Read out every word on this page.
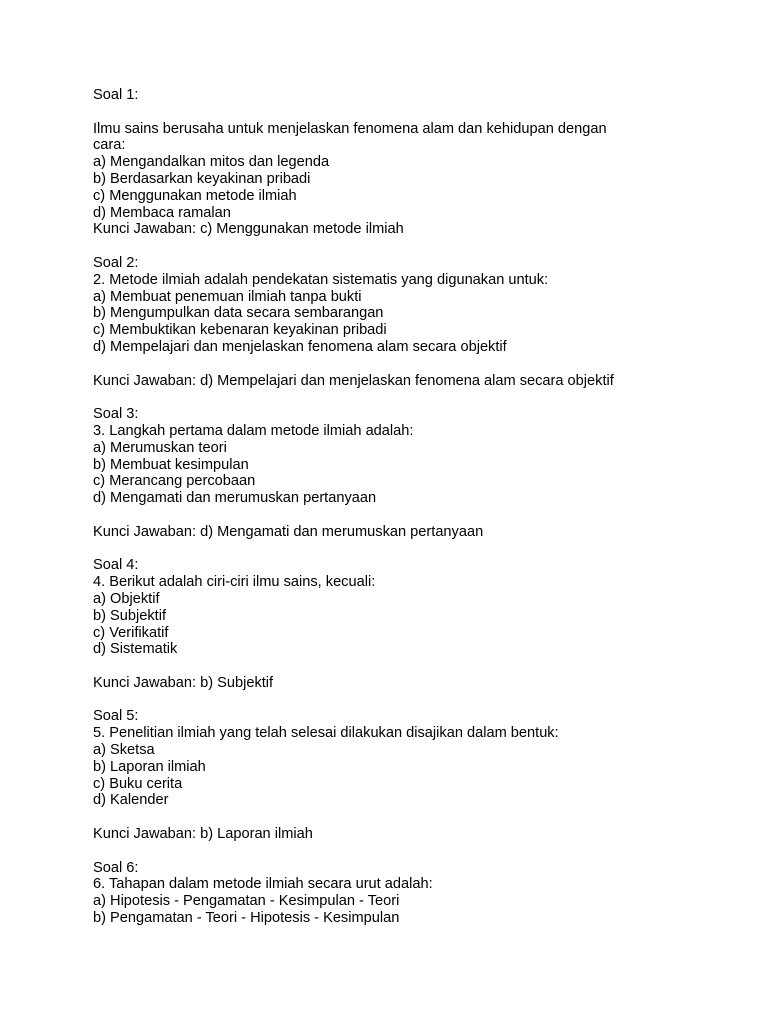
Soal 1:
Ilmu sains berusaha untuk menjelaskan fenomena alam dan kehidupan dengan
cara:
a) Mengandalkan mitos dan legenda
b) Berdasarkan keyakinan pribadi
c) Menggunakan metode ilmiah
d) Membaca ramalan
Kunci Jawaban: c) Menggunakan metode ilmiah
Soal 2:
2. Metode ilmiah adalah pendekatan sistematis yang digunakan untuk:
a) Membuat penemuan ilmiah tanpa bukti
b) Mengumpulkan data secara sembarangan
c) Membuktikan kebenaran keyakinan pribadi
d) Mempelajari dan menjelaskan fenomena alam secara objektif
Kunci Jawaban: d) Mempelajari dan menjelaskan fenomena alam secara objektif
Soal 3:
3. Langkah pertama dalam metode ilmiah adalah:
a) Merumuskan teori
b) Membuat kesimpulan
c) Merancang percobaan
d) Mengamati dan merumuskan pertanyaan
Kunci Jawaban: d) Mengamati dan merumuskan pertanyaan
Soal 4:
4. Berikut adalah ciri-ciri ilmu sains, kecuali:
a) Objektif
b) Subjektif
c) Verifikatif
d) Sistematik
Kunci Jawaban: b) Subjektif
Soal 5:
5. Penelitian ilmiah yang telah selesai dilakukan disajikan dalam bentuk:
a) Sketsa
b) Laporan ilmiah
c) Buku cerita
d) Kalender
Kunci Jawaban: b) Laporan ilmiah
Soal 6:
6. Tahapan dalam metode ilmiah secara urut adalah:
a) Hipotesis - Pengamatan - Kesimpulan - Teori
b) Pengamatan - Teori - Hipotesis - Kesimpulan
